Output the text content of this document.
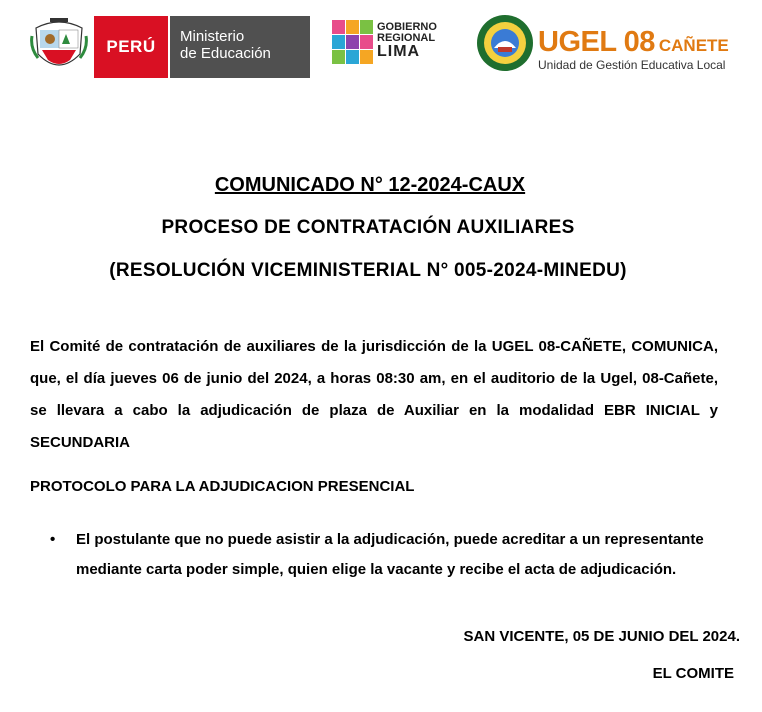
PERÚ
Ministerio
de Educación
GOBIERNO
REGIONAL
LIMA	UGEL 08 CAÑETE
Unidad de Gestión Educativa Local
COMUNICADO N° 12-2024-CAUX
PROCESO DE CONTRATACIÓN AUXILIARES
(RESOLUCIÓN VICEMINISTERIAL N° 005-2024-MINEDU)
El Comité de contratación de auxiliares de la jurisdicción de la UGEL 08-CAÑETE, COMUNICA, que, el día jueves 06 de junio del 2024, a horas 08:30 am, en el auditorio de la Ugel, 08-Cañete, se llevara a cabo la adjudicación de plaza de Auxiliar en la modalidad EBR INICIAL y SECUNDARIA
PROTOCOLO PARA LA ADJUDICACION PRESENCIAL
• El postulante que no puede asistir a la adjudicación, puede acreditar a un representante mediante carta poder simple, quien elige la vacante y recibe el acta de adjudicación.
SAN VICENTE, 05 DE JUNIO DEL 2024.
EL COMITE
